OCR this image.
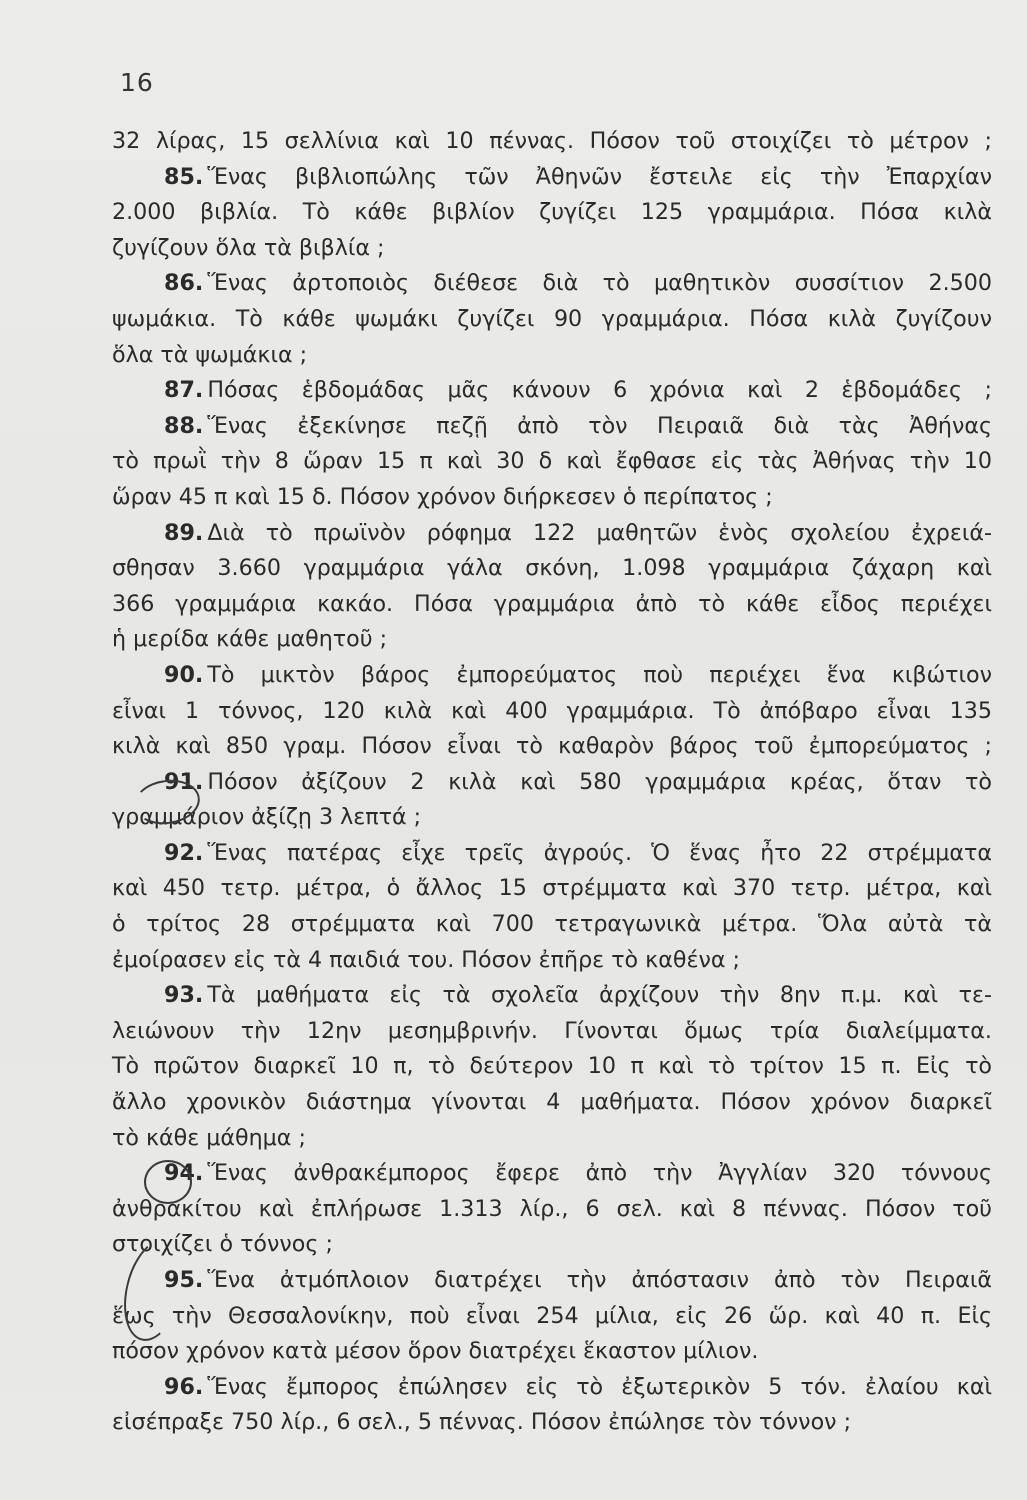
16
32 λίρας, 15 σελλίνια καὶ 10 πέννας. Πόσον τοῦ στοιχίζει τὸ μέτρον ;
85. Ἕνας βιβλιοπώλης τῶν Ἀθηνῶν ἔστειλε εἰς τὴν Ἐπαρχίαν
2.000 βιβλία. Τὸ κάθε βιβλίον ζυγίζει 125 γραμμάρια. Πόσα κιλὰ
ζυγίζουν ὅλα τὰ βιβλία ;
86. Ἕνας ἀρτοποιὸς διέθεσε διὰ τὸ μαθητικὸν συσσίτιον 2.500
ψωμάκια. Τὸ κάθε ψωμάκι ζυγίζει 90 γραμμάρια. Πόσα κιλὰ ζυγίζουν
ὅλα τὰ ψωμάκια ;
87. Πόσας ἑβδομάδας μᾶς κάνουν 6 χρόνια καὶ 2 ἑβδομάδες ;
88. Ἕνας ἐξεκίνησε πεζῇ ἀπὸ τὸν Πειραιᾶ διὰ τὰς Ἀθήνας
τὸ πρωῒ τὴν 8 ὥραν 15 π καὶ 30 δ καὶ ἔφθασε εἰς τὰς Ἀθήνας τὴν 10
ὥραν 45 π καὶ 15 δ. Πόσον χρόνον διήρκεσεν ὁ περίπατος ;
89. Διὰ τὸ πρωϊνὸν ρόφημα 122 μαθητῶν ἑνὸς σχολείου ἐχρειά-
σθησαν 3.660 γραμμάρια γάλα σκόνη, 1.098 γραμμάρια ζάχαρη καὶ
366 γραμμάρια κακάο. Πόσα γραμμάρια ἀπὸ τὸ κάθε εἶδος περιέχει
ἡ μερίδα κάθε μαθητοῦ ;
90. Τὸ μικτὸν βάρος ἐμπορεύματος ποὺ περιέχει ἕνα κιβώτιον
εἶναι 1 τόννος, 120 κιλὰ καὶ 400 γραμμάρια. Τὸ ἀπόβαρο εἶναι 135
κιλὰ καὶ 850 γραμ. Πόσον εἶναι τὸ καθαρὸν βάρος τοῦ ἐμπορεύματος ;
91. Πόσον ἀξίζουν 2 κιλὰ καὶ 580 γραμμάρια κρέας, ὅταν τὸ
γραμμάριον ἀξίζῃ 3 λεπτά ;
92. Ἕνας πατέρας εἶχε τρεῖς ἀγρούς. Ὁ ἕνας ἦτο 22 στρέμματα
καὶ 450 τετρ. μέτρα, ὁ ἄλλος 15 στρέμματα καὶ 370 τετρ. μέτρα, καὶ
ὁ τρίτος 28 στρέμματα καὶ 700 τετραγωνικὰ μέτρα. Ὅλα αὐτὰ τὰ
ἐμοίρασεν εἰς τὰ 4 παιδιά του. Πόσον ἐπῆρε τὸ καθένα ;
93. Τὰ μαθήματα εἰς τὰ σχολεῖα ἀρχίζουν τὴν 8ην π.μ. καὶ τε-
λειώνουν τὴν 12ην μεσημβρινήν. Γίνονται ὅμως τρία διαλείμματα.
Τὸ πρῶτον διαρκεῖ 10 π, τὸ δεύτερον 10 π καὶ τὸ τρίτον 15 π. Εἰς τὸ
ἄλλο χρονικὸν διάστημα γίνονται 4 μαθήματα. Πόσον χρόνον διαρκεῖ
τὸ κάθε μάθημα ;
94. Ἕνας ἀνθρακέμπορος ἔφερε ἀπὸ τὴν Ἀγγλίαν 320 τόννους
ἀνθρακίτου καὶ ἐπλήρωσε 1.313 λίρ., 6 σελ. καὶ 8 πέννας. Πόσον τοῦ
στοιχίζει ὁ τόννος ;
95. Ἕνα ἀτμόπλοιον διατρέχει τὴν ἀπόστασιν ἀπὸ τὸν Πειραιᾶ
ἕως τὴν Θεσσαλονίκην, ποὺ εἶναι 254 μίλια, εἰς 26 ὥρ. καὶ 40 π. Εἰς
πόσον χρόνον κατὰ μέσον ὅρον διατρέχει ἕκαστον μίλιον.
96. Ἕνας ἔμπορος ἐπώλησεν εἰς τὸ ἐξωτερικὸν 5 τόν. ἐλαίου καὶ
εἰσέπραξε 750 λίρ., 6 σελ., 5 πέννας. Πόσον ἐπώλησε τὸν τόννον ;
